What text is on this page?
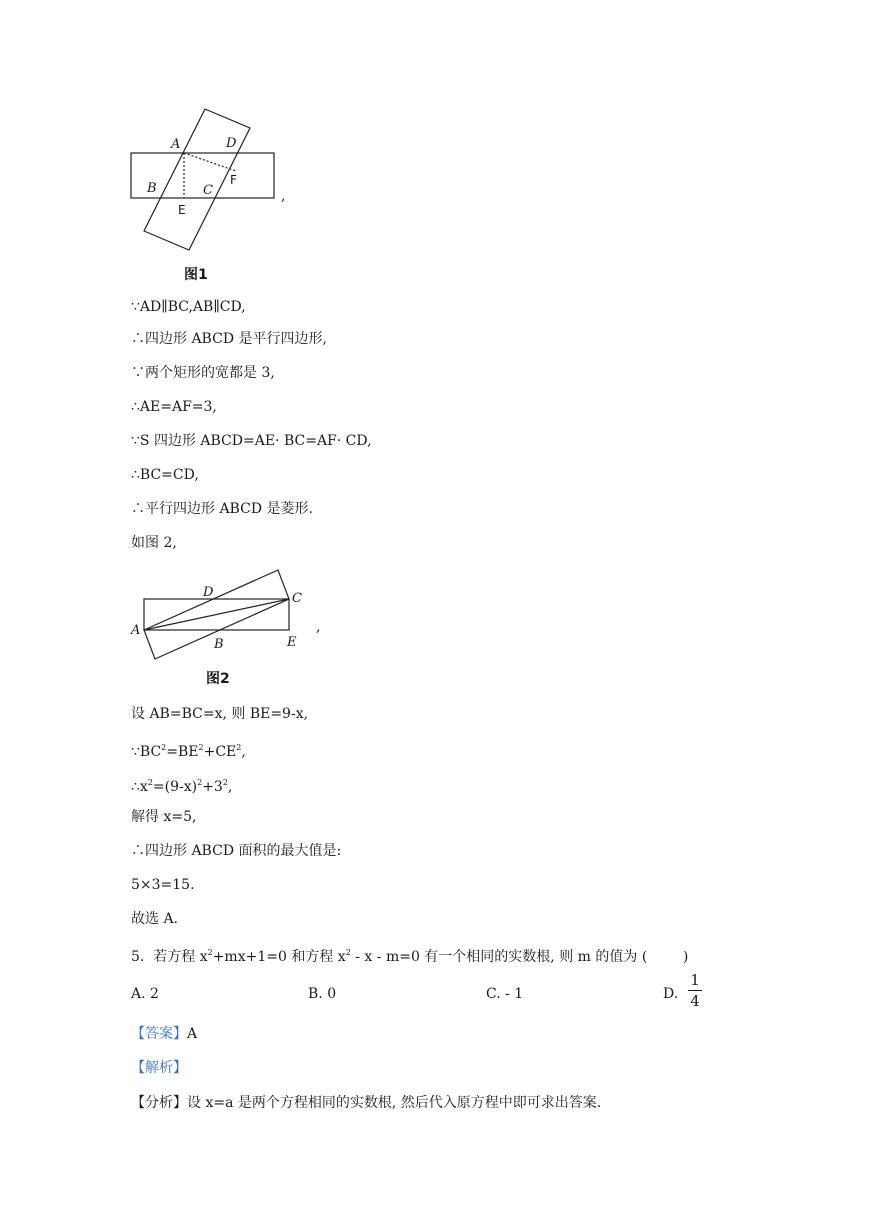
A	D
B	C
E
F
,
图1
∵AD∥BC,AB∥CD,
∴四边形 ABCD 是平行四边形,
∵两个矩形的宽都是 3,
∴AE=AF=3,
∵S 四边形 ABCD=AE· BC=AF· CD,
∴BC=CD,
∴平行四边形 ABCD 是菱形.
如图 2,
A
D
B
C
E
,
图2
设 AB=BC=x, 则 BE=9-x,
$\because BC^2=BE^2+CE^2$,
$\therefore x^2=(9-x)^2+3^2$,
解得 x=5,
∴四边形 ABCD 面积的最大值是:
5×3=15.
故选 A.
5.  若方程 $x^2+mx+1=0$ 和方程 $x^2 - x - m=0$ 有一个相同的实数根, 则 m 的值为 (        )
A. 2	B. 0	C. - 1	D.
1
4
【答案】A
【解析】
【分析】设 x=a 是两个方程相同的实数根, 然后代入原方程中即可求出答案.
